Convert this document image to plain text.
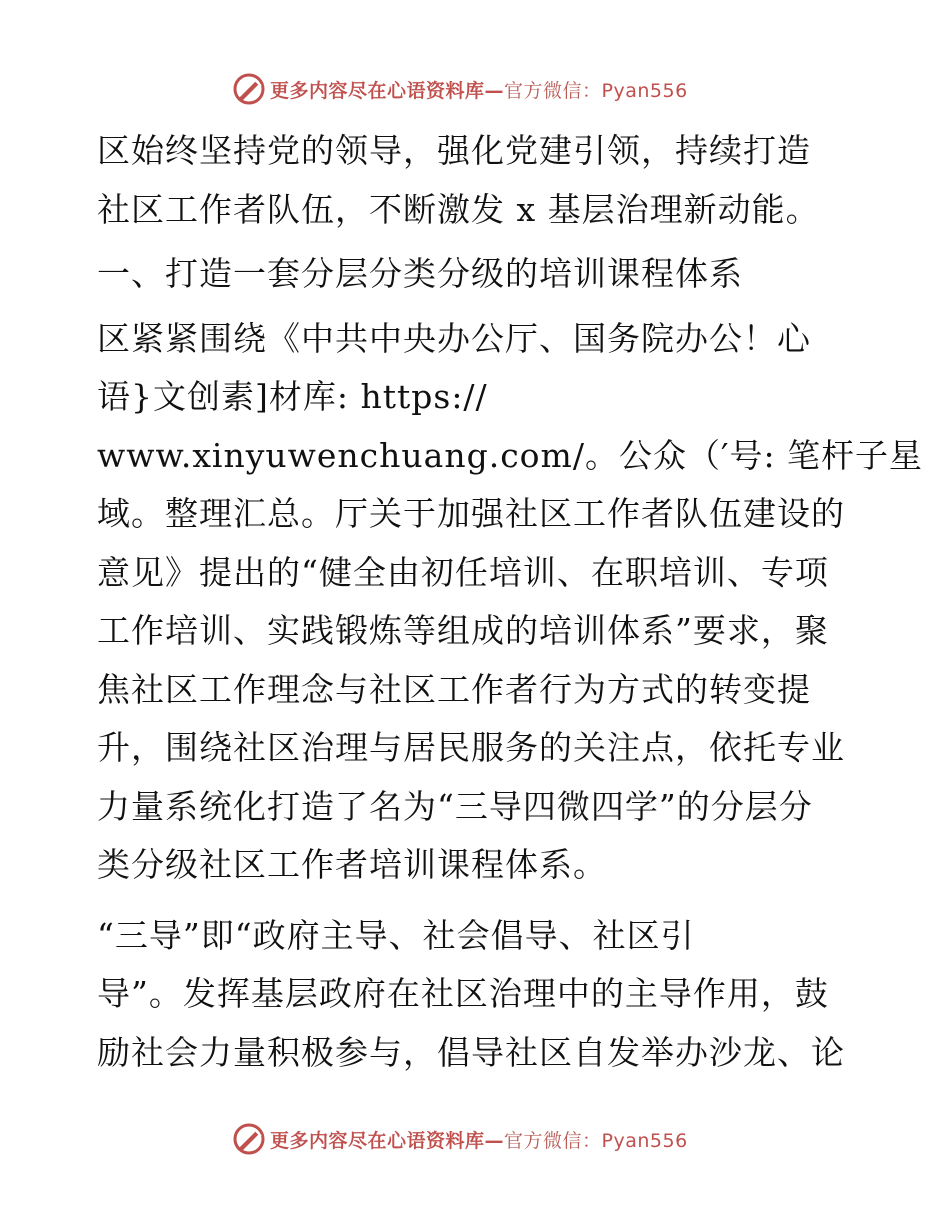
更多内容尽在心语资料库—官方微信：Pyan556
区始终坚持党的领导，强化党建引领，持续打造
社区工作者队伍，不断激发 x 基层治理新动能。
一、打造一套分层分类分级的培训课程体系
区紧紧围绕《中共中央办公厅、国务院办公！心
语}文创素]材库: https://
www.xinyuwenchuang.com/。公众（′号: 笔杆子星
域。整理汇总。厅关于加强社区工作者队伍建设的
意见》提出的“健全由初任培训、在职培训、专项
工作培训、实践锻炼等组成的培训体系”要求，聚
焦社区工作理念与社区工作者行为方式的转变提
升，围绕社区治理与居民服务的关注点，依托专业
力量系统化打造了名为“三导四微四学”的分层分
类分级社区工作者培训课程体系。
“三导”即“政府主导、社会倡导、社区引
导”。发挥基层政府在社区治理中的主导作用，鼓
励社会力量积极参与，倡导社区自发举办沙龙、论
更多内容尽在心语资料库—官方微信：Pyan556
